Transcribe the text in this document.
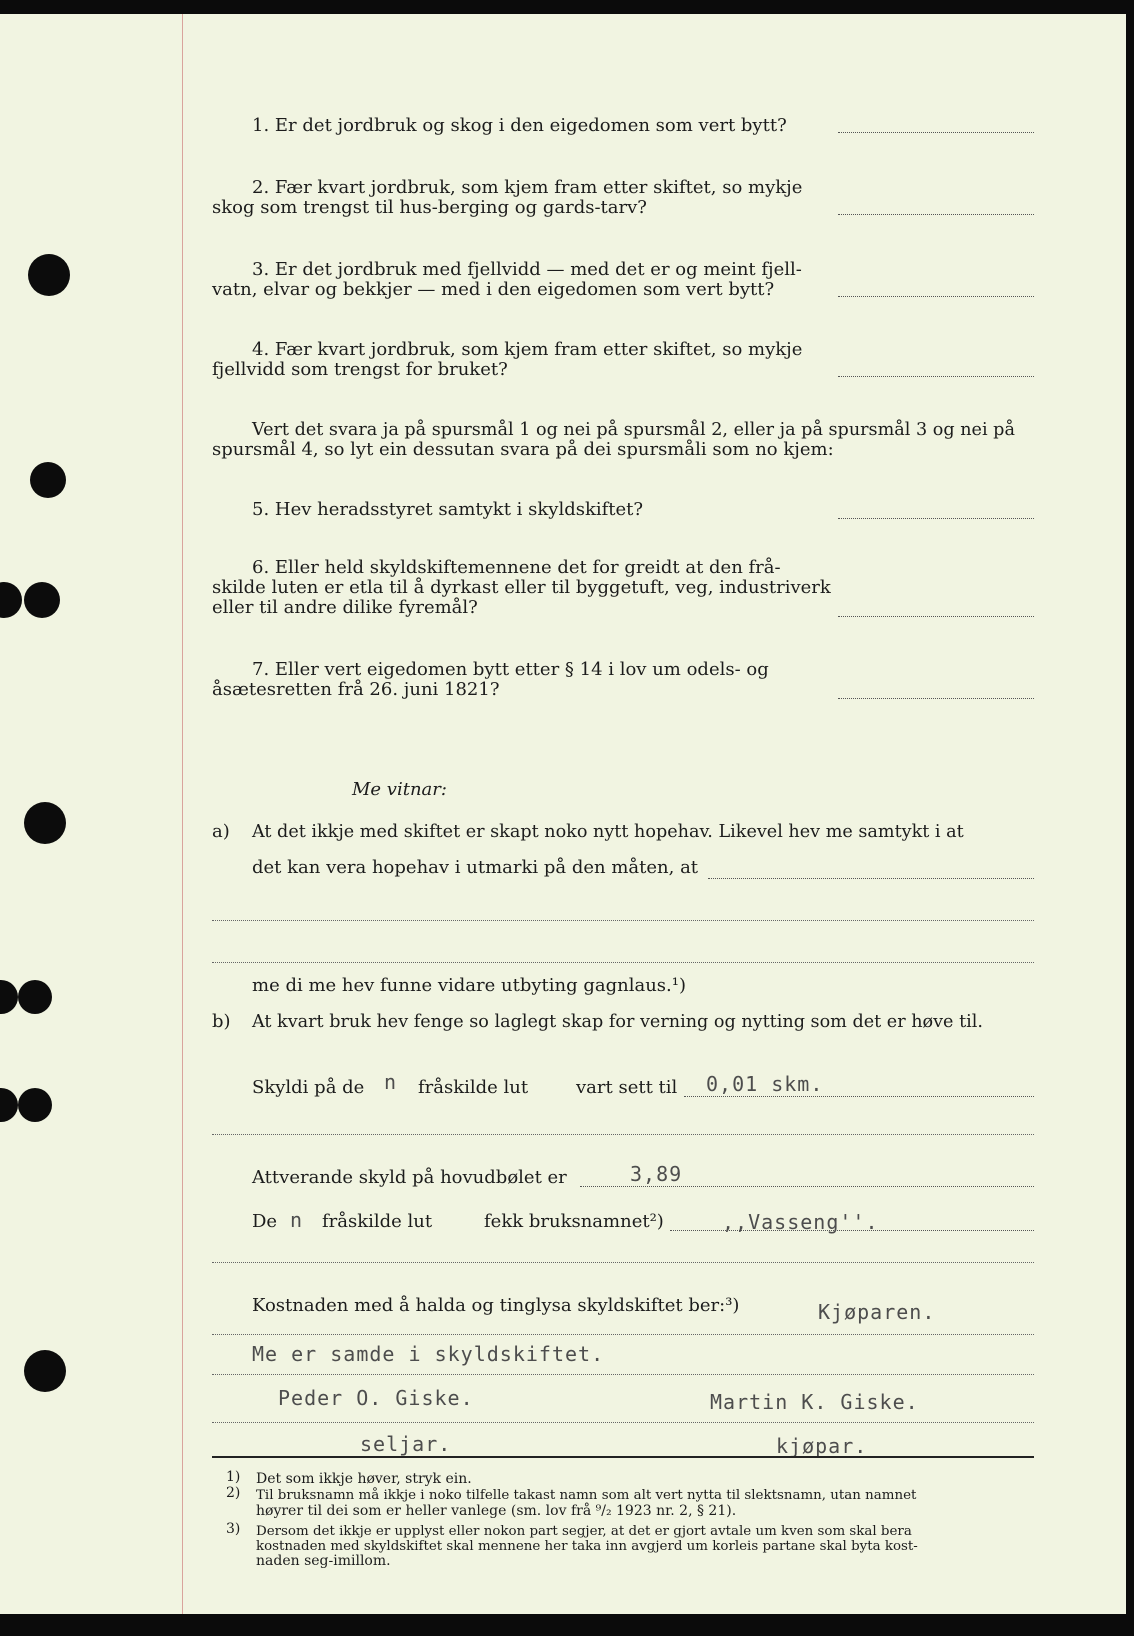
1. Er det jordbruk og skog i den eigedomen som vert bytt?
2. Fær kvart jordbruk, som kjem fram etter skiftet, so mykje
skog som trengst til hus-berging og gards-tarv?
3. Er det jordbruk med fjellvidd — med det er og meint fjell-
vatn, elvar og bekkjer — med i den eigedomen som vert bytt?
4. Fær kvart jordbruk, som kjem fram etter skiftet, so mykje
fjellvidd som trengst for bruket?
Vert det svara ja på spursmål 1 og nei på spursmål 2, eller ja på spursmål 3 og nei på
spursmål 4, so lyt ein dessutan svara på dei spursmåli som no kjem:
5. Hev heradsstyret samtykt i skyldskiftet?
6. Eller held skyldskiftemennene det for greidt at den frå-
skilde luten er etla til å dyrkast eller til byggetuft, veg, industriverk
eller til andre dilike fyremål?
7. Eller vert eigedomen bytt etter § 14 i lov um odels- og
åsætesretten frå 26. juni 1821?
Me vitnar:
a) At det ikkje med skiftet er skapt noko nytt hopehav. Likevel hev me samtykt i at
det kan vera hopehav i utmarki på den måten, at
me di me hev funne vidare utbyting gagnlaus.¹)
b) At kvart bruk hev fenge so laglegt skap for verning og nytting som det er høve til.
Skyldi på de n fråskilde lut	vart sett til 0,01 skm.
Attverande skyld på hovudbølet er	3,89
De n fråskilde lut	fekk bruksnamnet²)	,,Vasseng''.
Kostnaden med å halda og tinglysa skyldskiftet ber:³)	Kjøparen.
Me er samde i skyldskiftet.
Peder O. Giske.	Martin K. Giske.
seljar.	kjøpar.
1) Det som ikkje høver, stryk ein.
2) Til bruksnamn må ikkje i noko tilfelle takast namn som alt vert nytta til slektsnamn, utan namnet
høyrer til dei som er heller vanlege (sm. lov frå ⁹/₂ 1923 nr. 2, § 21).
3) Dersom det ikkje er upplyst eller nokon part segjer, at det er gjort avtale um kven som skal bera
kostnaden med skyldskiftet skal mennene her taka inn avgjerd um korleis partane skal byta kost-
naden seg-imillom.
